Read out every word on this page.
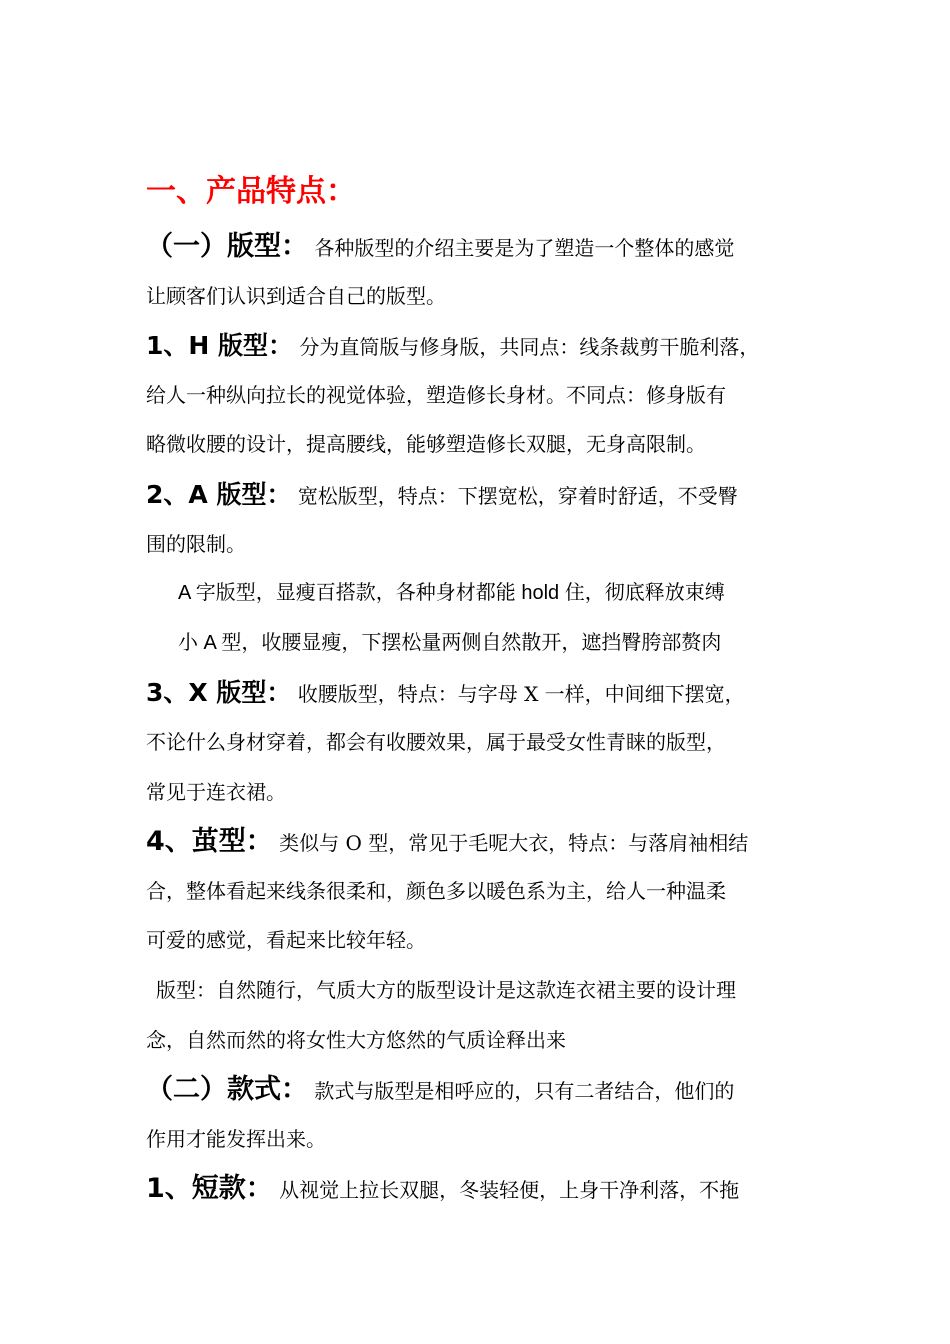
一、产品特点：
（一）版型： 各种版型的介绍主要是为了塑造一个整体的感觉
让顾客们认识到适合自己的版型。
1、H 版型： 分为直筒版与修身版，共同点：线条裁剪干脆利落，
给人一种纵向拉长的视觉体验，塑造修长身材。不同点：修身版有
略微收腰的设计，提高腰线，能够塑造修长双腿，无身高限制。
2、A 版型： 宽松版型，特点：下摆宽松，穿着时舒适，不受臀
围的限制。
A 字版型，显瘦百搭款，各种身材都能 hold 住，彻底释放束缚
小 A 型，收腰显瘦，下摆松量两侧自然散开，遮挡臀胯部赘肉
3、X 版型： 收腰版型，特点：与字母 X 一样，中间细下摆宽，
不论什么身材穿着，都会有收腰效果，属于最受女性青睐的版型，
常见于连衣裙。
4、茧型： 类似与 O 型，常见于毛呢大衣，特点：与落肩袖相结
合，整体看起来线条很柔和，颜色多以暖色系为主，给人一种温柔
可爱的感觉，看起来比较年轻。
版型：自然随行，气质大方的版型设计是这款连衣裙主要的设计理
念，自然而然的将女性大方悠然的气质诠释出来
（二）款式： 款式与版型是相呼应的，只有二者结合，他们的
作用才能发挥出来。
1、短款： 从视觉上拉长双腿，冬装轻便，上身干净利落，不拖
